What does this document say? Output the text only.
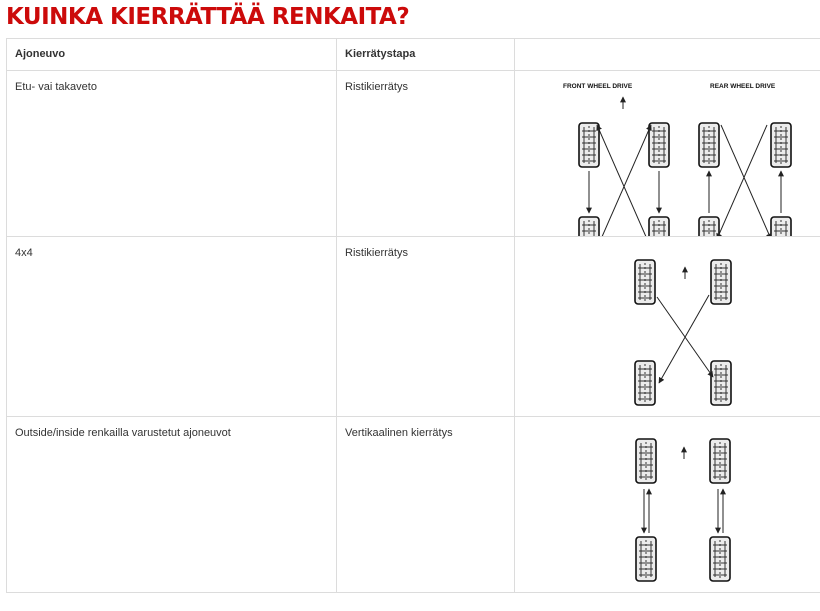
KUINKA KIERRÄTTÄÄ RENKAITA?
Ajoneuvo	Kierrätystapa	
Etu- vai takaveto	Ristikierrätys	FRONT WHEEL DRIVE REAR WHEEL DRIVE

4x4	Ristikierrätys	

Outside/inside renkailla varustetut ajoneuvot	Vertikaalinen kierrätys	
